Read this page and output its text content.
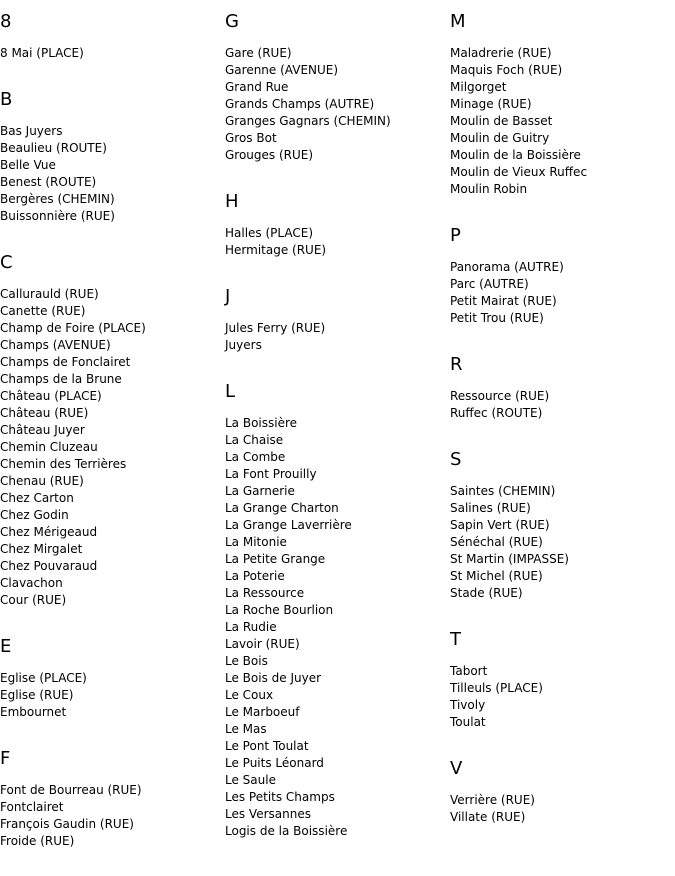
8
8 Mai (PLACE)
B
Bas Juyers
Beaulieu (ROUTE)
Belle Vue
Benest (ROUTE)
Bergères (CHEMIN)
Buissonnière (RUE)
C
Callurauld (RUE)
Canette (RUE)
Champ de Foire (PLACE)
Champs (AVENUE)
Champs de Fonclairet
Champs de la Brune
Château (PLACE)
Château (RUE)
Château Juyer
Chemin Cluzeau
Chemin des Terrières
Chenau (RUE)
Chez Carton
Chez Godin
Chez Mérigeaud
Chez Mirgalet
Chez Pouvaraud
Clavachon
Cour (RUE)
E
Eglise (PLACE)
Eglise (RUE)
Embournet
F
Font de Bourreau (RUE)
Fontclairet
François Gaudin (RUE)
Froide (RUE)
G
Gare (RUE)
Garenne (AVENUE)
Grand Rue
Grands Champs (AUTRE)
Granges Gagnars (CHEMIN)
Gros Bot
Grouges (RUE)
H
Halles (PLACE)
Hermitage (RUE)
J
Jules Ferry (RUE)
Juyers
L
La Boissière
La Chaise
La Combe
La Font Prouilly
La Garnerie
La Grange Charton
La Grange Laverrière
La Mitonie
La Petite Grange
La Poterie
La Ressource
La Roche Bourlion
La Rudie
Lavoir (RUE)
Le Bois
Le Bois de Juyer
Le Coux
Le Marboeuf
Le Mas
Le Pont Toulat
Le Puits Léonard
Le Saule
Les Petits Champs
Les Versannes
Logis de la Boissière
M
Maladrerie (RUE)
Maquis Foch (RUE)
Milgorget
Minage (RUE)
Moulin de Basset
Moulin de Guitry
Moulin de la Boissière
Moulin de Vieux Ruffec
Moulin Robin
P
Panorama (AUTRE)
Parc (AUTRE)
Petit Mairat (RUE)
Petit Trou (RUE)
R
Ressource (RUE)
Ruffec (ROUTE)
S
Saintes (CHEMIN)
Salines (RUE)
Sapin Vert (RUE)
Sénéchal (RUE)
St Martin (IMPASSE)
St Michel (RUE)
Stade (RUE)
T
Tabort
Tilleuls (PLACE)
Tivoly
Toulat
V
Verrière (RUE)
Villate (RUE)
